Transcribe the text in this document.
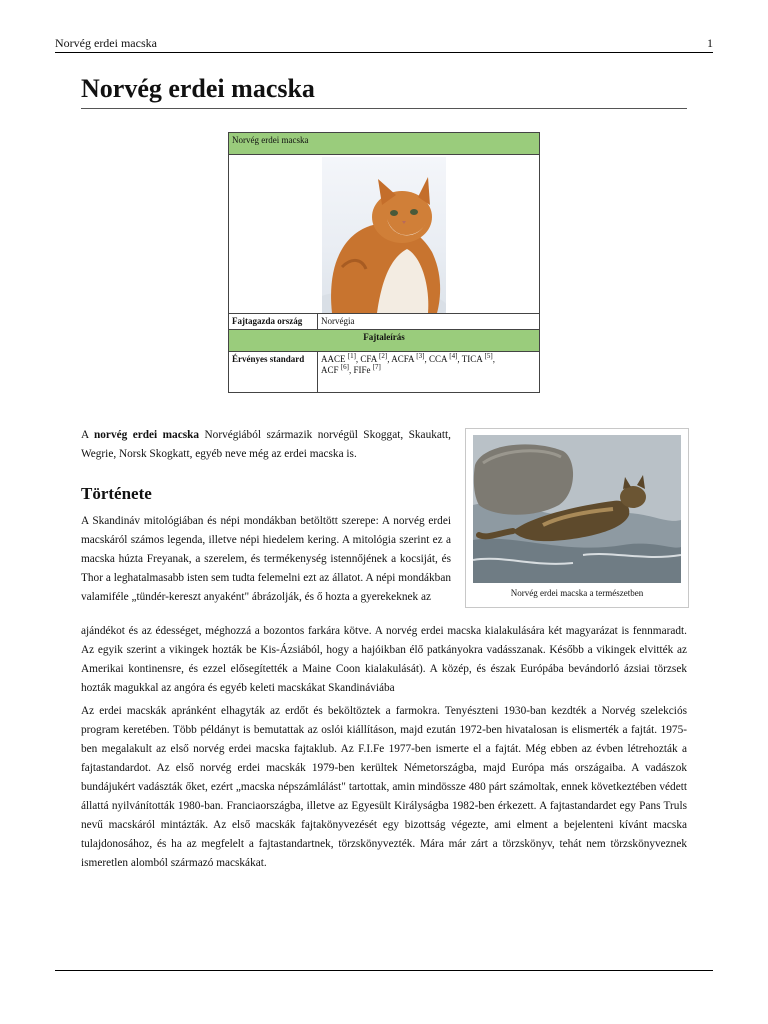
Norvég erdei macska	1
Norvég erdei macska
Norvég erdei macska	

Fajtagazda ország	Norvégia
Fajtaleírás	
Érvényes standard	AACE [1], CFA [2], ACFA [3], CCA [4], TICA [5],
ACF [6], FIFe [7]
Norvég erdei macska a természetben

A norvég erdei macska Norvégiából származik norvégül Skoggat, Skaukatt, Wegrie, Norsk Skogkatt, egyéb neve még az erdei macska is.

Története

A Skandináv mitológiában és népi mondákban betöltött szerepe: A norvég erdei macskáról számos legenda, illetve népi hiedelem kering. A mitológia szerint ez a macska húzta Freyanak, a szerelem, és termékenység istennőjének a kocsiját, és Thor a leghatalmasabb isten sem tudta felemelni ezt az állatot. A népi mondákban valamiféle „tündér-kereszt anyaként" ábrázolják, és ő hozta a gyerekeknek az

ajándékot és az édességet, méghozzá a bozontos farkára kötve. A norvég erdei macska kialakulására két magyarázat is fennmaradt. Az egyik szerint a vikingek hozták be Kis-Ázsiából, hogy a hajóikban élő patkányokra vadásszanak. Később a vikingek elvitték az Amerikai kontinensre, és ezzel elősegítették a Maine Coon kialakulását). A közép, és észak Európába bevándorló ázsiai törzsek hozták magukkal az angóra és egyéb keleti macskákat Skandináviába

Az erdei macskák apránként elhagyták az erdőt és beköltöztek a farmokra. Tenyészteni 1930-ban kezdték a Norvég szelekciós program keretében. Több példányt is bemutattak az oslói kiállításon, majd ezután 1972-ben hivatalosan is elismerték a fajtát. 1975-ben megalakult az első norvég erdei macska fajtaklub. Az F.I.Fe 1977-ben ismerte el a fajtát. Még ebben az évben létrehozták a fajtastandardot. Az első norvég erdei macskák 1979-ben kerültek Németországba, majd Európa más országaiba. A vadászok bundájukért vadászták őket, ezért „macska népszámlálást" tartottak, amin mindössze 480 párt számoltak, ennek következtében védett állattá nyilvánították 1980-ban. Franciaországba, illetve az Egyesült Királyságba 1982-ben érkezett. A fajtastandardet egy Pans Truls nevű macskáról mintázták. Az első macskák fajtakönyvezését egy bizottság végezte, ami elment a bejelenteni kívánt macska tulajdonosához, és ha az megfelelt a fajtastandartnek, törzskönyvezték. Mára már zárt a törzskönyv, tehát nem törzskönyveznek ismeretlen alomból származó macskákat.
